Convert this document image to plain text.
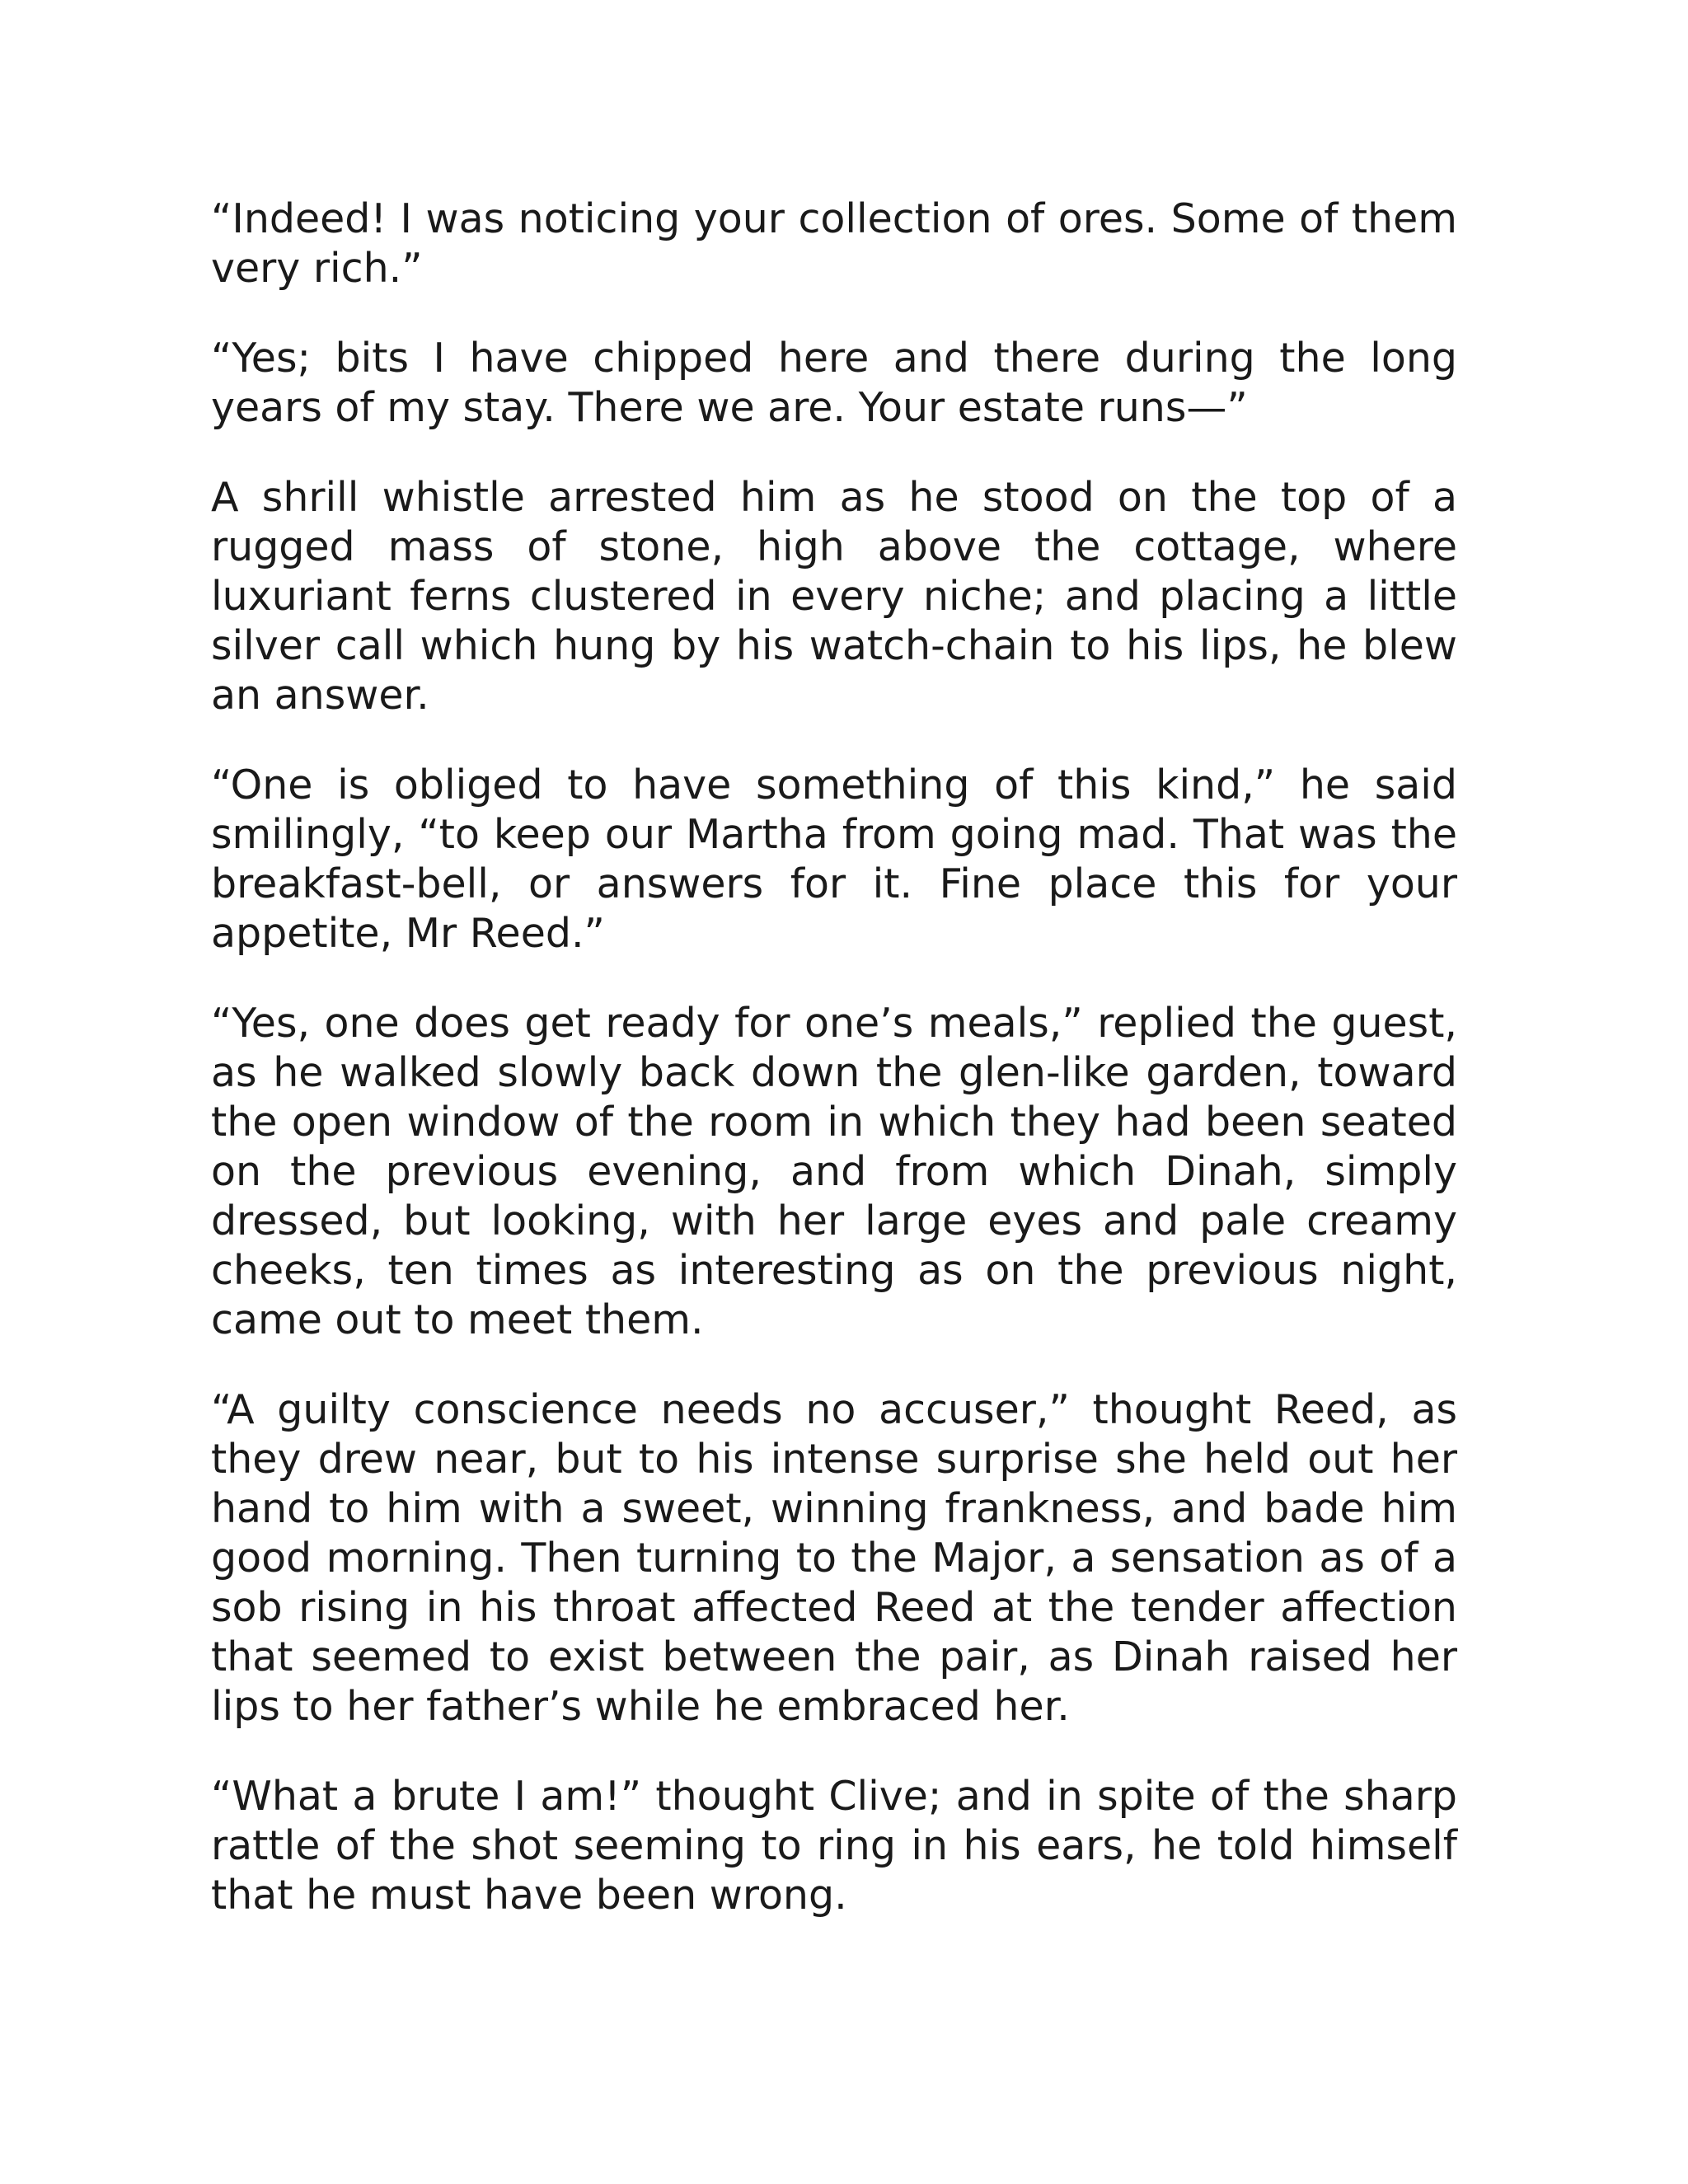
“Indeed! I was noticing your collection of ores. Some of them very rich.”

“Yes; bits I have chipped here and there during the long years of my stay. There we are. Your estate runs—”

A shrill whistle arrested him as he stood on the top of a rugged mass of stone, high above the cottage, where luxuriant ferns clustered in every niche; and placing a little silver call which hung by his watch-chain to his lips, he blew an answer.

“One is obliged to have something of this kind,” he said smilingly, “to keep our Martha from going mad. That was the breakfast-bell, or answers for it. Fine place this for your appetite, Mr Reed.”

“Yes, one does get ready for one’s meals,” replied the guest, as he walked slowly back down the glen-like garden, toward the open window of the room in which they had been seated on the previous evening, and from which Dinah, simply dressed, but looking, with her large eyes and pale creamy cheeks, ten times as interesting as on the previous night, came out to meet them.

“A guilty conscience needs no accuser,” thought Reed, as they drew near, but to his intense surprise she held out her hand to him with a sweet, winning frankness, and bade him good morning. Then turning to the Major, a sensation as of a sob rising in his throat affected Reed at the tender affection that seemed to exist between the pair, as Dinah raised her lips to her father’s while he embraced her.

“What a brute I am!” thought Clive; and in spite of the sharp rattle of the shot seeming to ring in his ears, he told himself that he must have been wrong.
